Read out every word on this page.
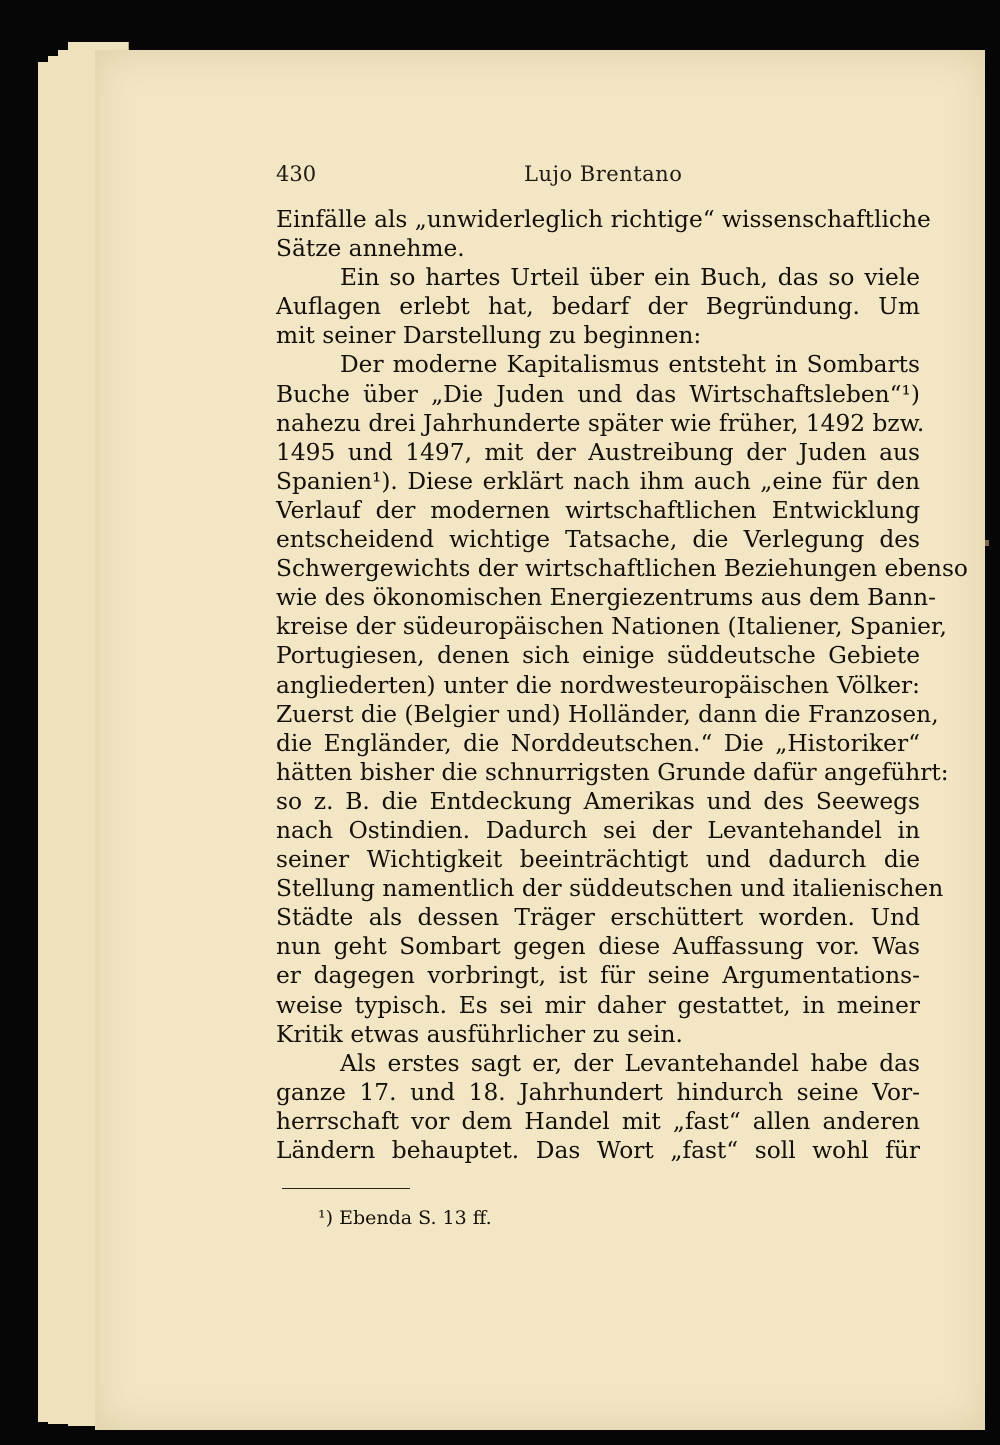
430	Lujo Brentano
Einfälle als „unwiderleglich richtige“ wissenschaftliche
Sätze annehme.
Ein so hartes Urteil über ein Buch, das so viele
Auflagen erlebt hat, bedarf der Begründung. Um
mit seiner Darstellung zu beginnen:
Der moderne Kapitalismus entsteht in Sombarts
Buche über „Die Juden und das Wirtschaftsleben“¹)
nahezu drei Jahrhunderte später wie früher, 1492 bzw.
1495 und 1497, mit der Austreibung der Juden aus
Spanien¹). Diese erklärt nach ihm auch „eine für den
Verlauf der modernen wirtschaftlichen Entwicklung
entscheidend wichtige Tatsache, die Verlegung des
Schwergewichts der wirtschaftlichen Beziehungen ebenso
wie des ökonomischen Energiezentrums aus dem Bann-
kreise der südeuropäischen Nationen (Italiener, Spanier,
Portugiesen, denen sich einige süddeutsche Gebiete
angliederten) unter die nordwesteuropäischen Völker:
Zuerst die (Belgier und) Holländer, dann die Franzosen,
die Engländer, die Norddeutschen.“ Die „Historiker“
hätten bisher die schnurrigsten Grunde dafür angeführt:
so z. B. die Entdeckung Amerikas und des Seewegs
nach Ostindien. Dadurch sei der Levantehandel in
seiner Wichtigkeit beeinträchtigt und dadurch die
Stellung namentlich der süddeutschen und italienischen
Städte als dessen Träger erschüttert worden. Und
nun geht Sombart gegen diese Auffassung vor. Was
er dagegen vorbringt, ist für seine Argumentations-
weise typisch. Es sei mir daher gestattet, in meiner
Kritik etwas ausführlicher zu sein.
Als erstes sagt er, der Levantehandel habe das
ganze 17. und 18. Jahrhundert hindurch seine Vor-
herrschaft vor dem Handel mit „fast“ allen anderen
Ländern behauptet. Das Wort „fast“ soll wohl für
¹) Ebenda S. 13 ff.
